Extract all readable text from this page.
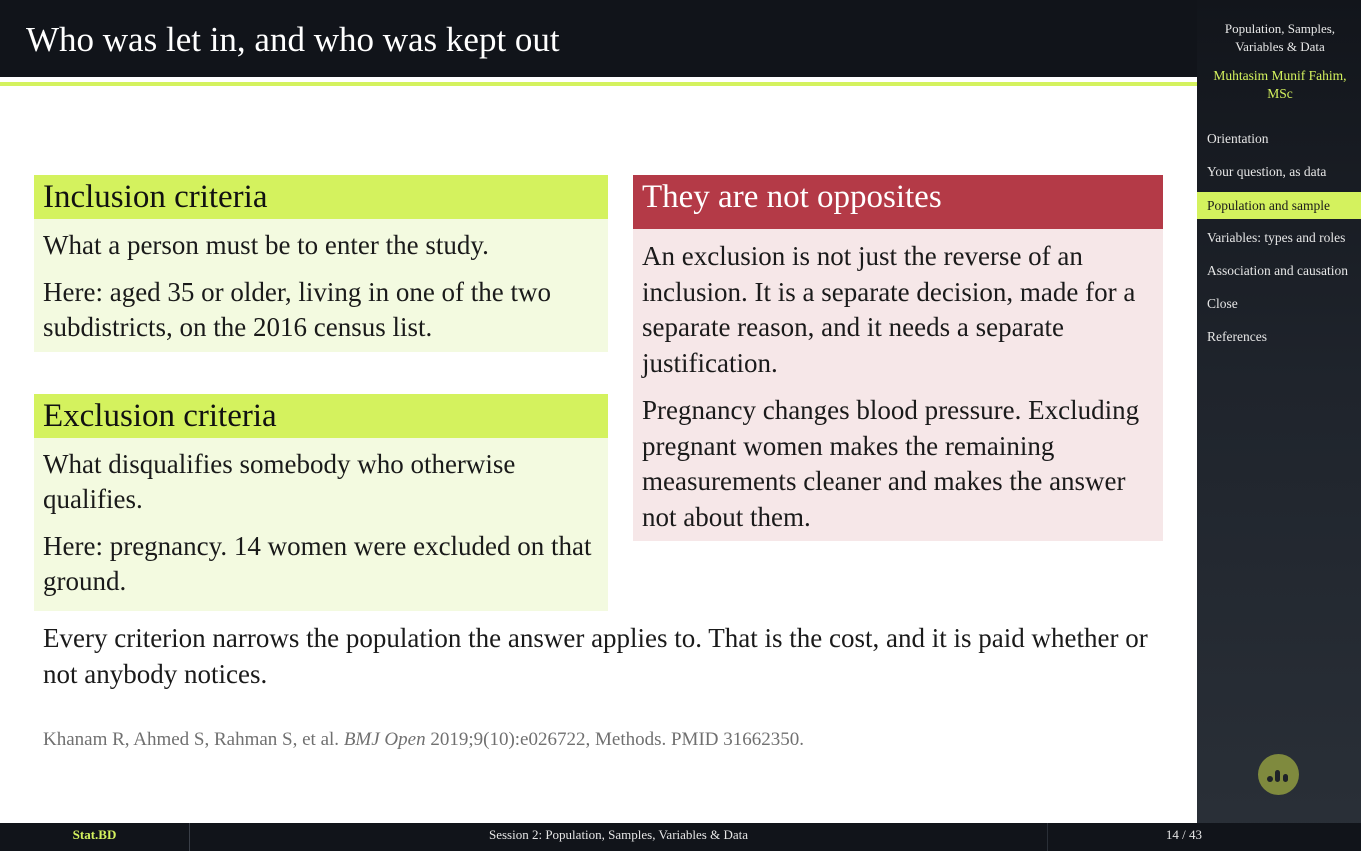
Who was let in, and who was kept out
Inclusion criteria

What a person must be to enter the study.

Here: aged 35 or older, living in one of the two subdistricts, on the 2016 census list.

Exclusion criteria

What disqualifies somebody who otherwise qualifies.

Here: pregnancy. 14 women were excluded on that ground.

They are not opposites

An exclusion is not just the reverse of an inclusion. It is a separate decision, made for a separate reason, and it needs a separate justification.

Pregnancy changes blood pressure. Excluding pregnant women makes the remaining measurements cleaner and makes the answer not about them.

Every criterion narrows the population the answer applies to. That is the cost, and it is paid whether or not anybody notices.
Khanam R, Ahmed S, Rahman S, et al. BMJ Open 2019;9(10):e026722, Methods. PMID 31662350.
Population, Samples, Variables & Data
Muhtasim Munif Fahim, MSc
Orientation
Your question, as data
Population and sample
Variables: types and roles
Association and causation
Close
References
Stat.BD	Session 2: Population, Samples, Variables & Data	14 / 43
